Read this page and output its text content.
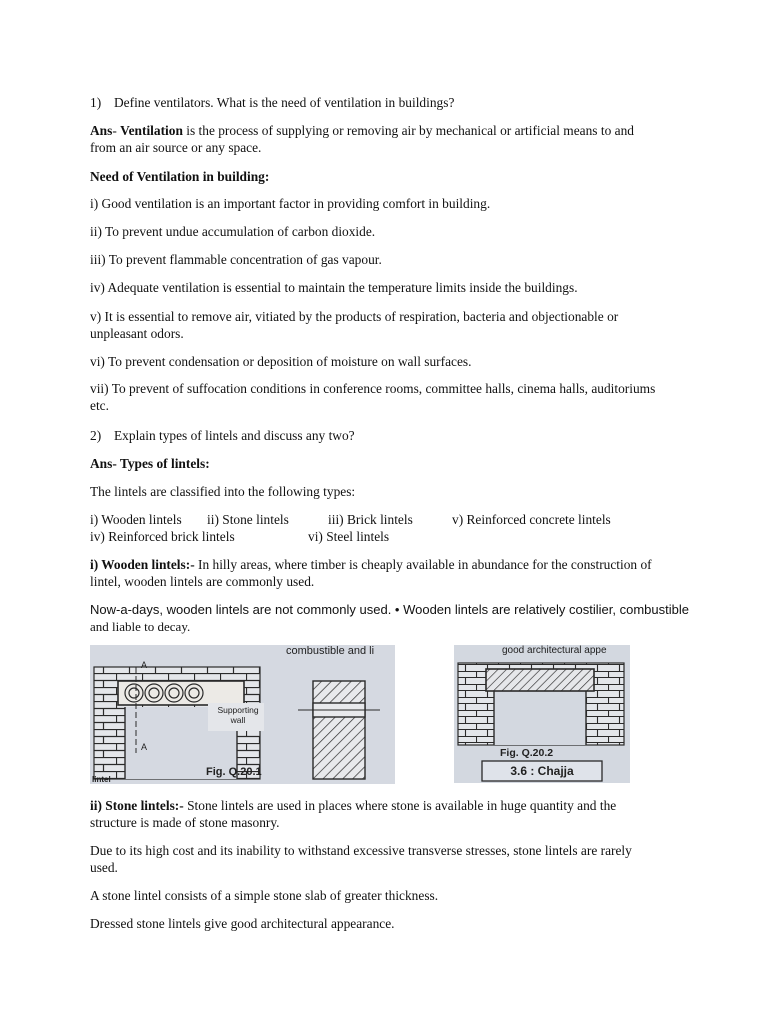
1) Define ventilators. What is the need of ventilation in buildings?

Ans- Ventilation is the process of supplying or removing air by mechanical or artificial means to and
from an air source or any space.

Need of Ventilation in building:

i) Good ventilation is an important factor in providing comfort in building.

ii) To prevent undue accumulation of carbon dioxide.

iii) To prevent flammable concentration of gas vapour.

iv) Adequate ventilation is essential to maintain the temperature limits inside the buildings.

v) It is essential to remove air, vitiated by the products of respiration, bacteria and objectionable or
unpleasant odors.

vi) To prevent condensation or deposition of moisture on wall surfaces.

vii) To prevent of suffocation conditions in conference rooms, committee halls, cinema halls, auditoriums
etc.

2) Explain types of lintels and discuss any two?

Ans- Types of lintels:

The lintels are classified into the following types:

i) Wooden lintels ii) Stone lintels	iii) Brick lintels	v) Reinforced concrete lintels
iv) Reinforced brick lintels	vi) Steel lintels

i) Wooden lintels:- In hilly areas, where timber is cheaply available in abundance for the construction of
lintel, wooden lintels are commonly used.

Now-a-days, wooden lintels are not commonly used. • Wooden lintels are relatively costilier, combustible
and liable to decay.

combustible and li
A
A
Supporting
wall
Fig. Q.20.1
lintel
good architectural appe
Fig. Q.20.2
3.6 : Chajja

ii) Stone lintels:- Stone lintels are used in places where stone is available in huge quantity and the
structure is made of stone masonry.

Due to its high cost and its inability to withstand excessive transverse stresses, stone lintels are rarely
used.

A stone lintel consists of a simple stone slab of greater thickness.

Dressed stone lintels give good architectural appearance.
